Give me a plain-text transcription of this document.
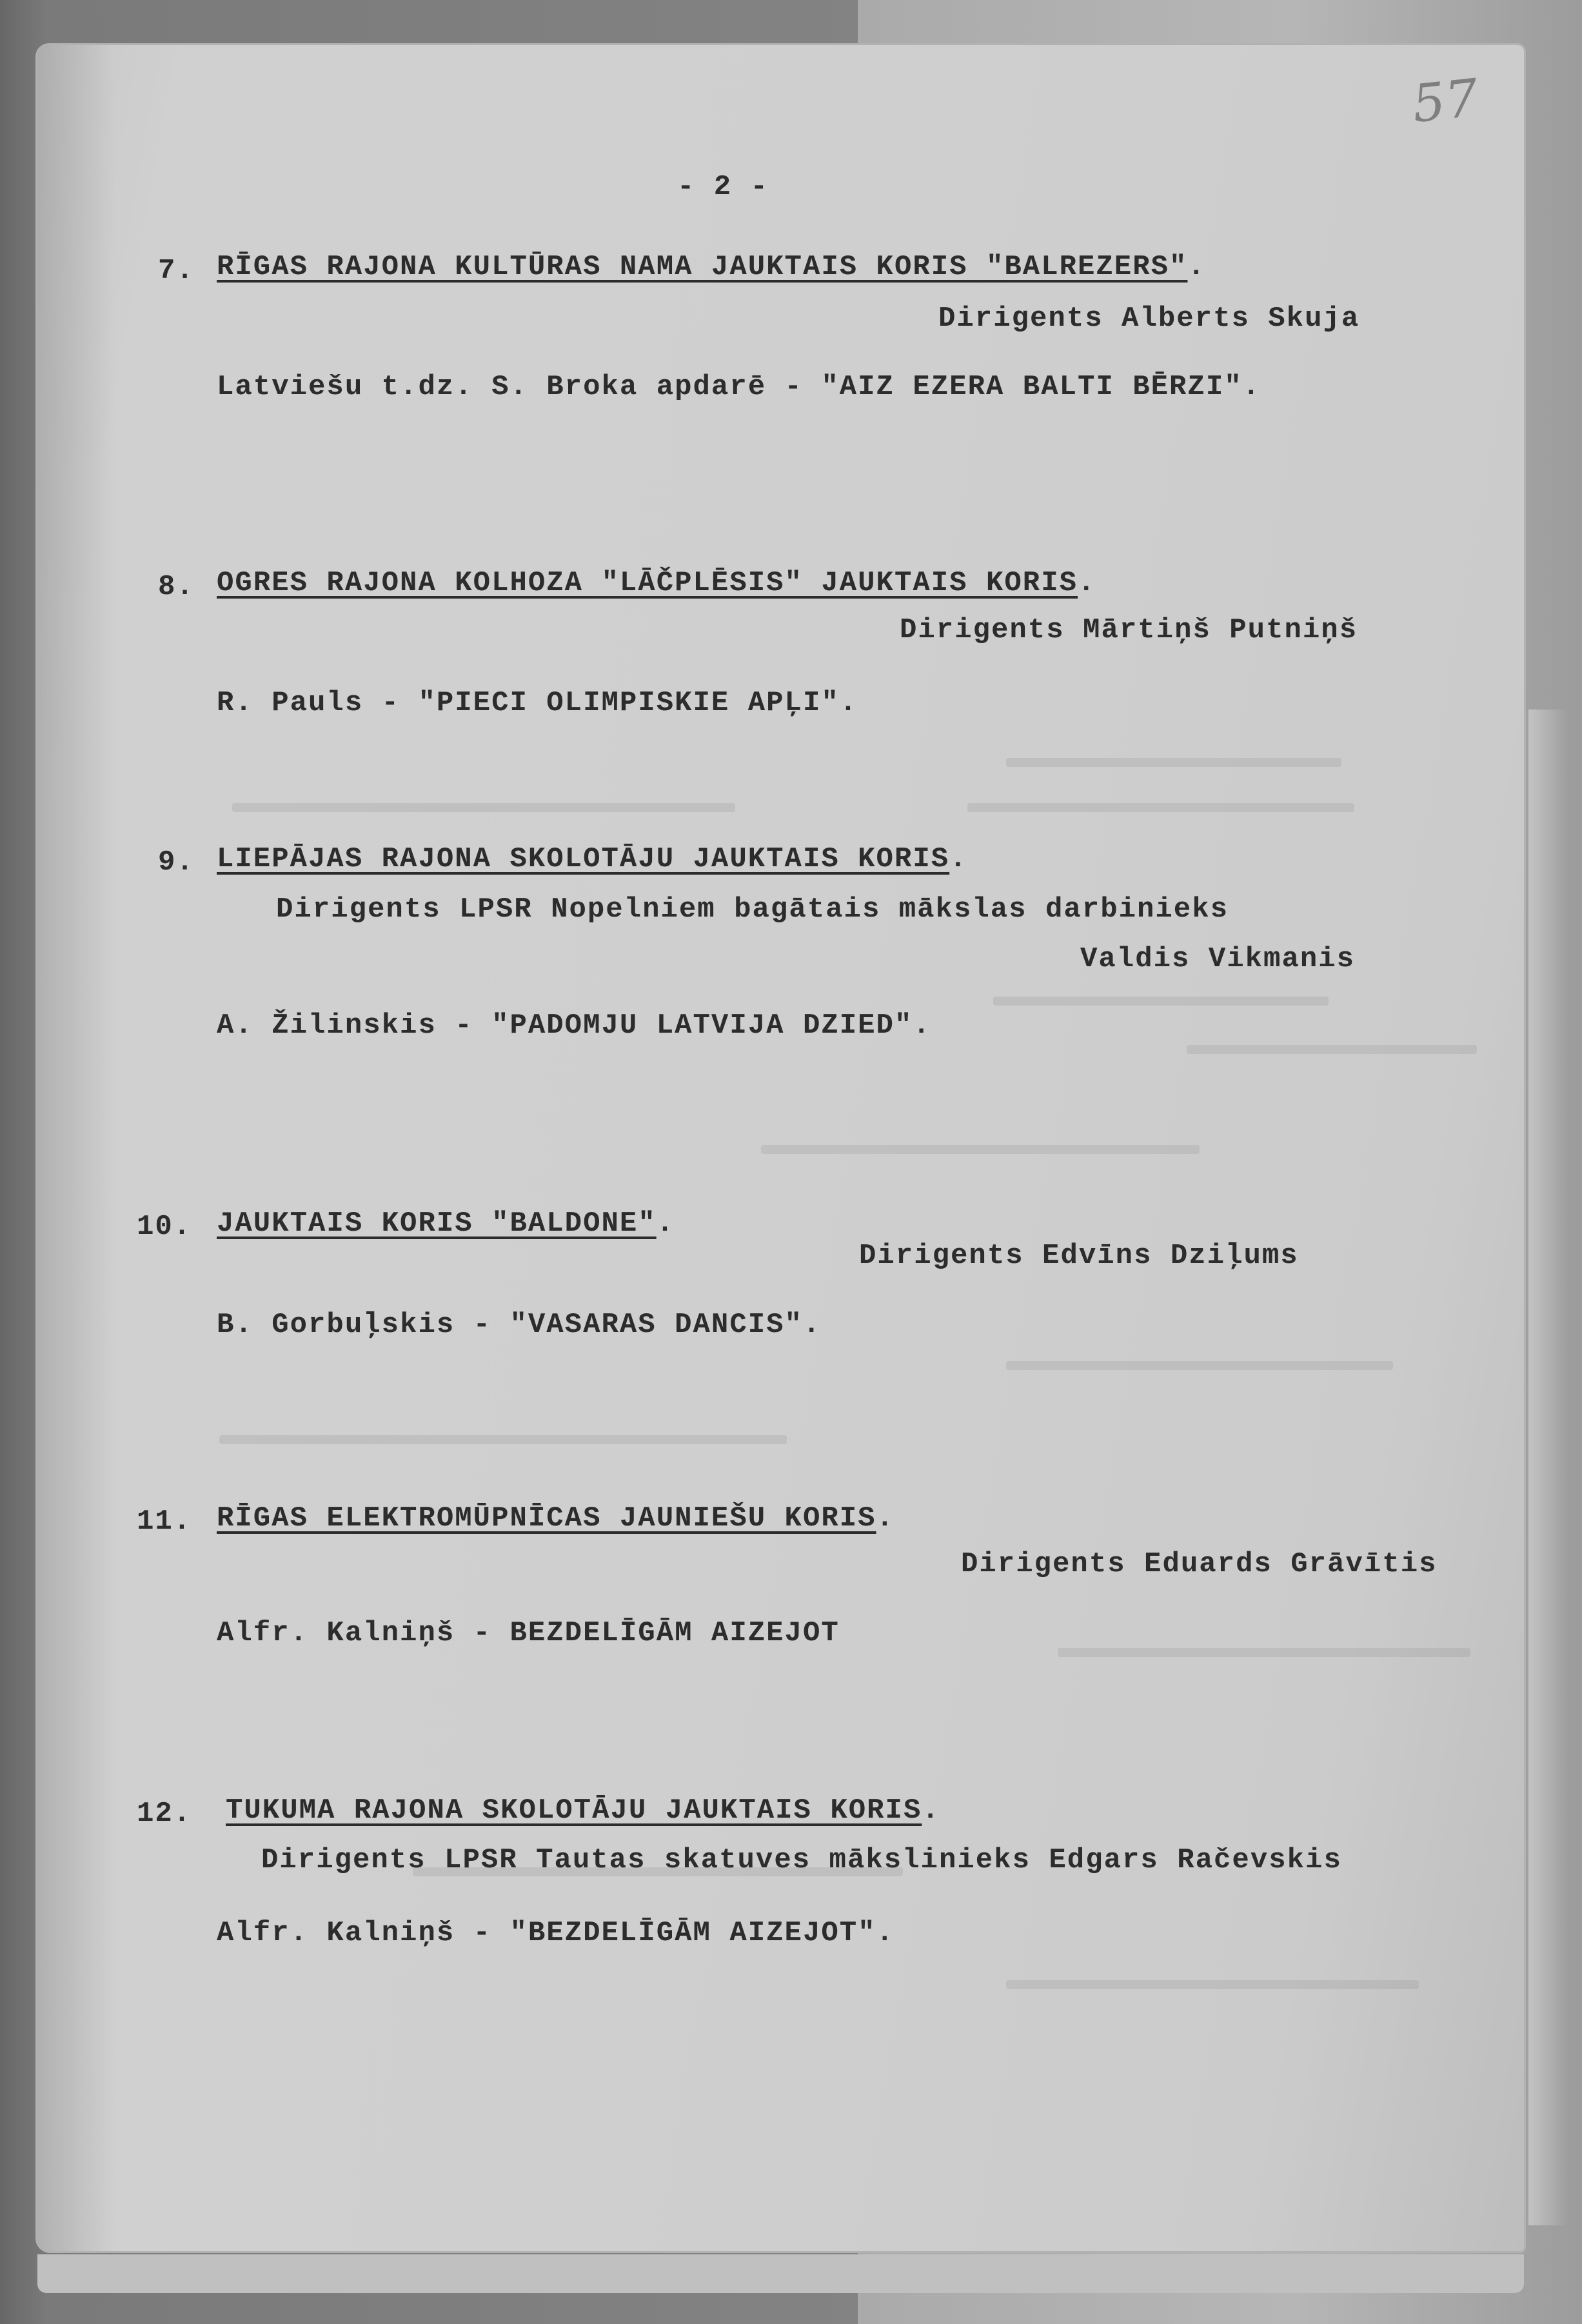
57
- 2 -
7. RĪGAS RAJONA KULTŪRAS NAMA JAUKTAIS KORIS "BALREZERS".
Dirigents Alberts Skuja
Latviešu t.dz. S. Broka apdarē - "AIZ EZERA BALTI BĒRZI".
8. OGRES RAJONA KOLHOZA "LĀČPLĒSIS" JAUKTAIS KORIS.
Dirigents Mārtiņš Putniņš
R. Pauls - "PIECI OLIMPISKIE APĻI".
9. LIEPĀJAS RAJONA SKOLOTĀJU JAUKTAIS KORIS.
Dirigents LPSR Nopelniem bagātais mākslas darbinieks
Valdis Vikmanis
A. Žilinskis - "PADOMJU LATVIJA DZIED".
10. JAUKTAIS KORIS "BALDONE".
Dirigents Edvīns Dziļums
B. Gorbuļskis - "VASARAS DANCIS".
11. RĪGAS ELEKTROMŪPNĪCAS JAUNIEŠU KORIS.
Dirigents Eduards Grāvītis
Alfr. Kalniņš - BEZDELĪGĀM AIZEJOT
12. TUKUMA RAJONA SKOLOTĀJU JAUKTAIS KORIS.
Dirigents LPSR Tautas skatuves mākslinieks Edgars Račevskis
Alfr. Kalniņš - "BEZDELĪGĀM AIZEJOT".
